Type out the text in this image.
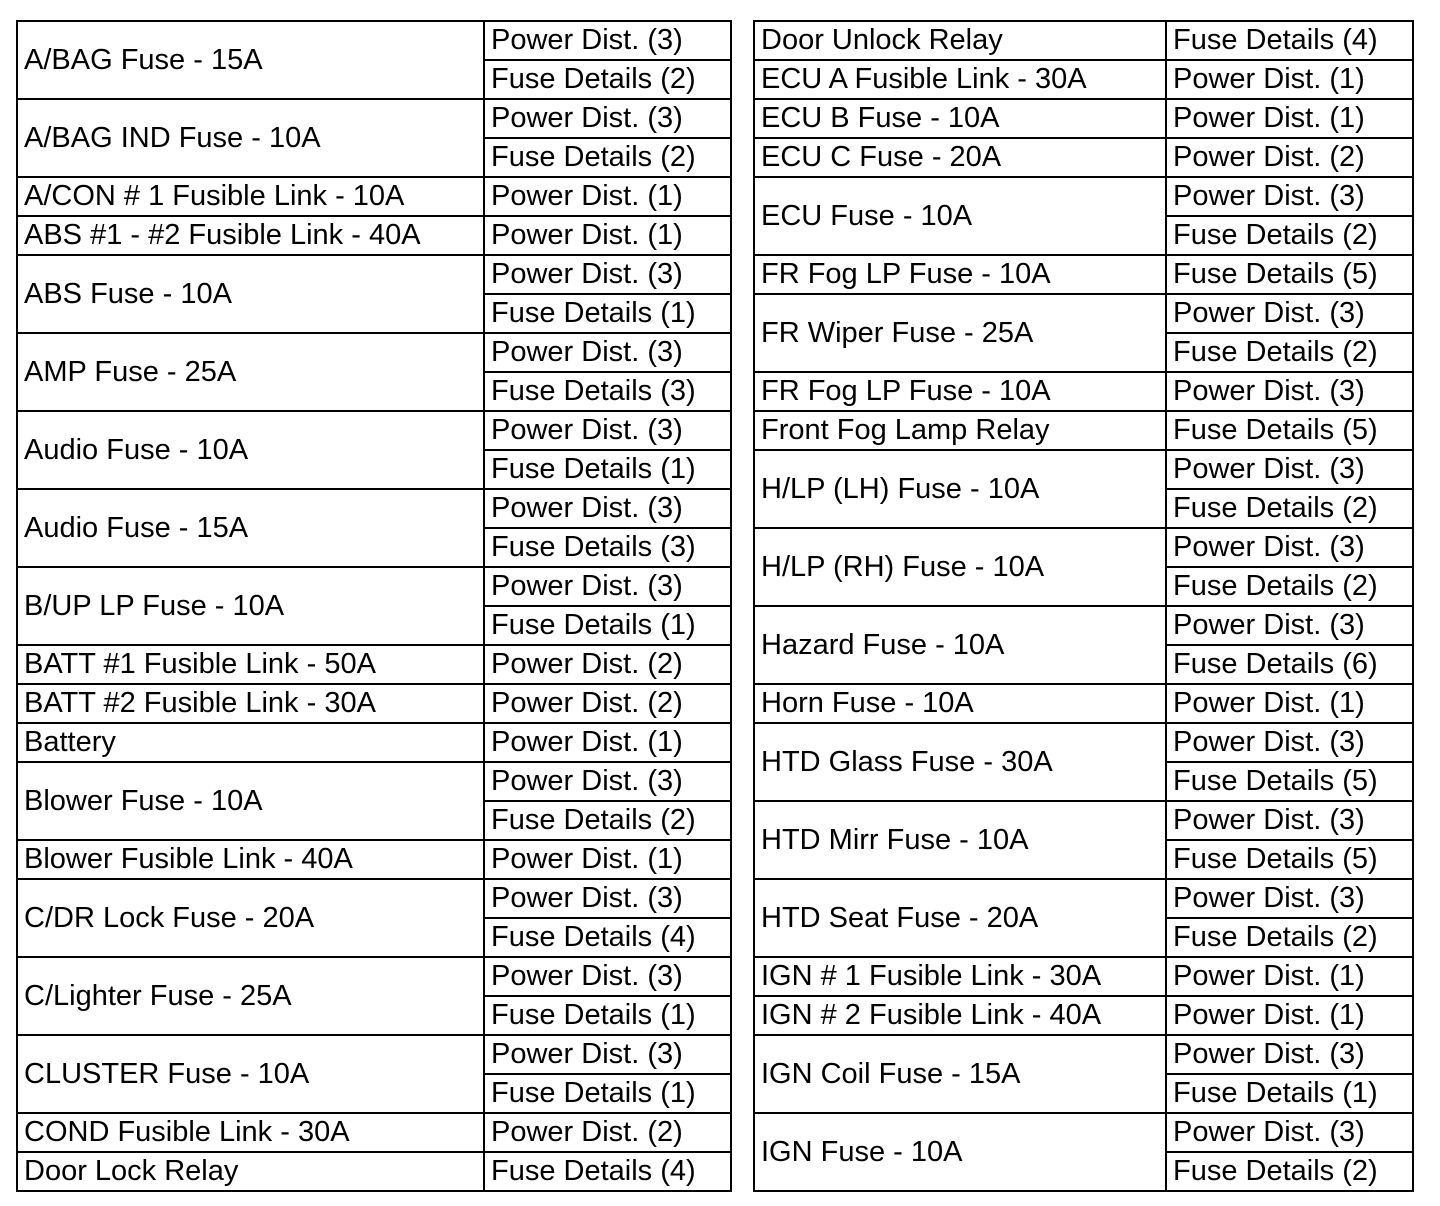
A/BAG Fuse - 15A	Power Dist. (3)
	Fuse Details (2)
A/BAG IND Fuse - 10A	Power Dist. (3)
	Fuse Details (2)
A/CON # 1 Fusible Link - 10A	Power Dist. (1)
ABS #1 - #2 Fusible Link - 40A	Power Dist. (1)
ABS Fuse - 10A	Power Dist. (3)
	Fuse Details (1)
AMP Fuse - 25A	Power Dist. (3)
	Fuse Details (3)
Audio Fuse - 10A	Power Dist. (3)
	Fuse Details (1)
Audio Fuse - 15A	Power Dist. (3)
	Fuse Details (3)
B/UP LP Fuse - 10A	Power Dist. (3)
	Fuse Details (1)
BATT #1 Fusible Link - 50A	Power Dist. (2)
BATT #2 Fusible Link - 30A	Power Dist. (2)
Battery	Power Dist. (1)
Blower Fuse - 10A	Power Dist. (3)
	Fuse Details (2)
Blower Fusible Link - 40A	Power Dist. (1)
C/DR Lock Fuse - 20A	Power Dist. (3)
	Fuse Details (4)
C/Lighter Fuse - 25A	Power Dist. (3)
	Fuse Details (1)
CLUSTER Fuse - 10A	Power Dist. (3)
	Fuse Details (1)
COND Fusible Link - 30A	Power Dist. (2)
Door Lock Relay	Fuse Details (4)
Door Unlock Relay	Fuse Details (4)
ECU A Fusible Link - 30A	Power Dist. (1)
ECU B Fuse - 10A	Power Dist. (1)
ECU C Fuse - 20A	Power Dist. (2)
ECU Fuse - 10A	Power Dist. (3)
	Fuse Details (2)
FR Fog LP Fuse - 10A	Fuse Details (5)
FR Wiper Fuse - 25A	Power Dist. (3)
	Fuse Details (2)
FR Fog LP Fuse - 10A	Power Dist. (3)
Front Fog Lamp Relay	Fuse Details (5)
H/LP (LH) Fuse - 10A	Power Dist. (3)
	Fuse Details (2)
H/LP (RH) Fuse - 10A	Power Dist. (3)
	Fuse Details (2)
Hazard Fuse - 10A	Power Dist. (3)
	Fuse Details (6)
Horn Fuse - 10A	Power Dist. (1)
HTD Glass Fuse - 30A	Power Dist. (3)
	Fuse Details (5)
HTD Mirr Fuse - 10A	Power Dist. (3)
	Fuse Details (5)
HTD Seat Fuse - 20A	Power Dist. (3)
	Fuse Details (2)
IGN # 1 Fusible Link - 30A	Power Dist. (1)
IGN # 2 Fusible Link - 40A	Power Dist. (1)
IGN Coil Fuse - 15A	Power Dist. (3)
	Fuse Details (1)
IGN Fuse - 10A	Power Dist. (3)
	Fuse Details (2)
